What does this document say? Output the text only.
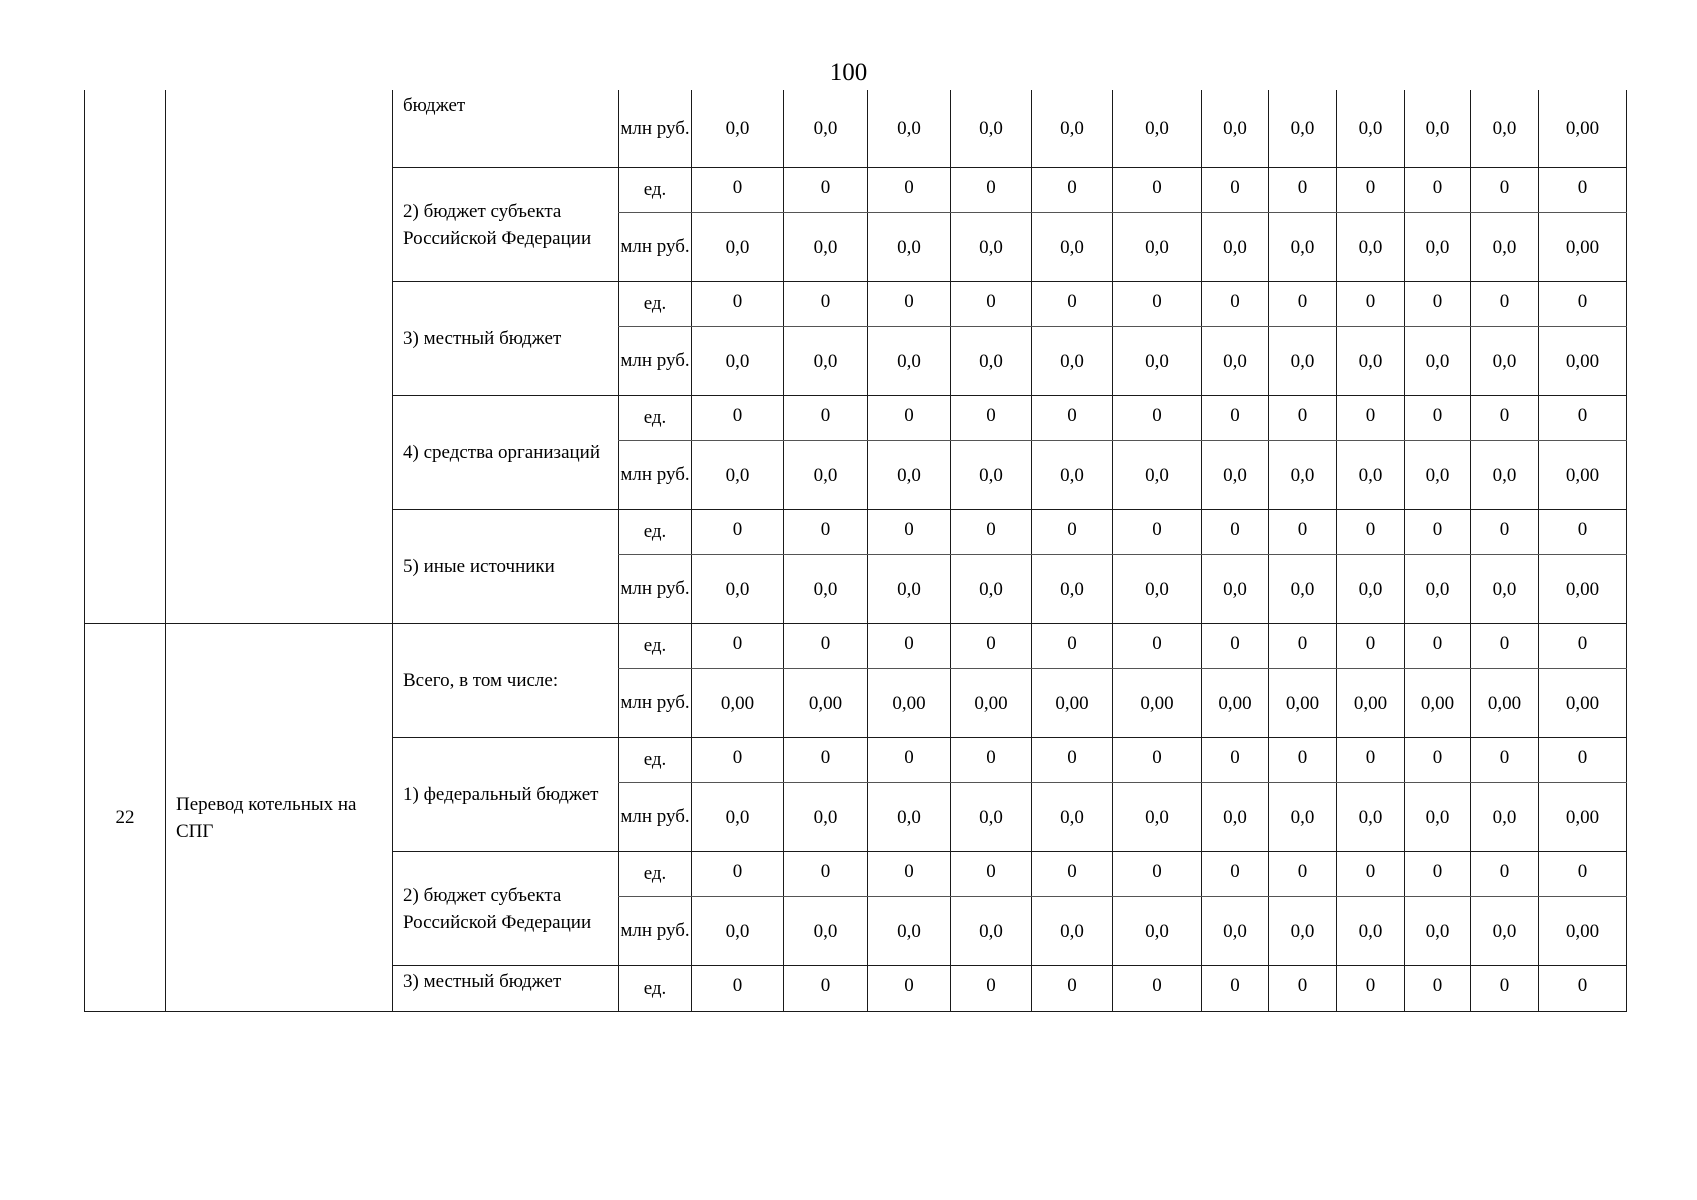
100
		бюджет	млн руб.	0,0	0,0	0,0	0,0	0,0	0,0	0,0	0,0	0,0	0,0	0,0	0,00
		2) бюджет субъекта Российской Федерации	ед.	0	0	0	0	0	0	0	0	0	0	0	0
			млн руб.	0,0	0,0	0,0	0,0	0,0	0,0	0,0	0,0	0,0	0,0	0,0	0,00
		3) местный бюджет	ед.	0	0	0	0	0	0	0	0	0	0	0	0
			млн руб.	0,0	0,0	0,0	0,0	0,0	0,0	0,0	0,0	0,0	0,0	0,0	0,00
		4) средства организаций	ед.	0	0	0	0	0	0	0	0	0	0	0	0
			млн руб.	0,0	0,0	0,0	0,0	0,0	0,0	0,0	0,0	0,0	0,0	0,0	0,00
		5) иные источники	ед.	0	0	0	0	0	0	0	0	0	0	0	0
			млн руб.	0,0	0,0	0,0	0,0	0,0	0,0	0,0	0,0	0,0	0,0	0,0	0,00
22	Перевод котельных на СПГ	Всего, в том числе:	ед.	0	0	0	0	0	0	0	0	0	0	0	0
			млн руб.	0,00	0,00	0,00	0,00	0,00	0,00	0,00	0,00	0,00	0,00	0,00	0,00
		1) федеральный бюджет	ед.	0	0	0	0	0	0	0	0	0	0	0	0
			млн руб.	0,0	0,0	0,0	0,0	0,0	0,0	0,0	0,0	0,0	0,0	0,0	0,00
		2) бюджет субъекта Российской Федерации	ед.	0	0	0	0	0	0	0	0	0	0	0	0
			млн руб.	0,0	0,0	0,0	0,0	0,0	0,0	0,0	0,0	0,0	0,0	0,0	0,00
		3) местный бюджет	ед.	0	0	0	0	0	0	0	0	0	0	0	0
